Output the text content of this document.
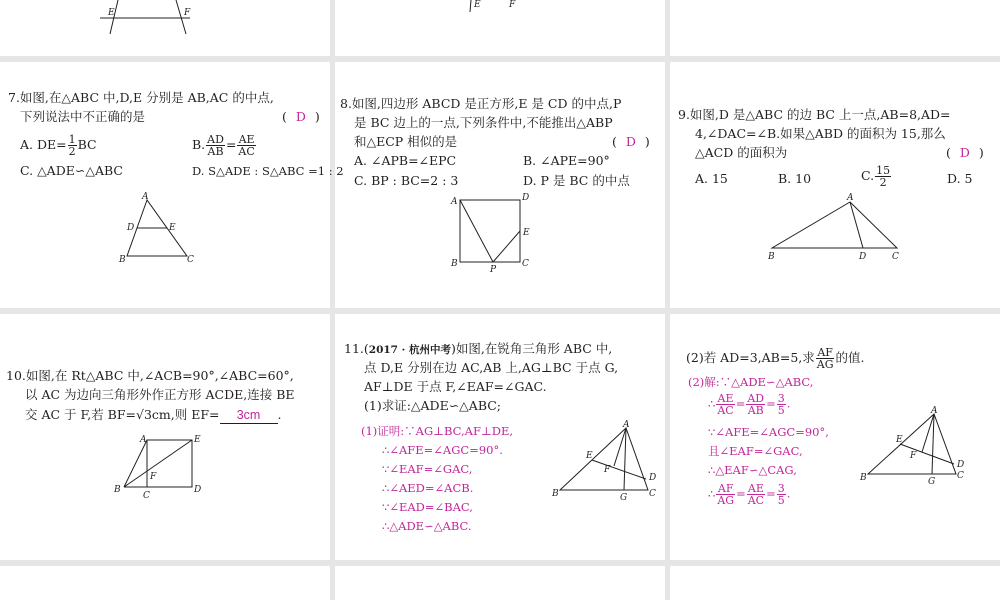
E	F
E	F
7.如图,在△ABC 中,D,E 分别是 AB,AC 的中点,
下列说法中不正确的是	( D )
A. $DE= \frac{1}{2}$ BC	B. $\frac{AD}{AB} = \frac{AE}{AC}$
C. △ADE∽△ABC	D. S△ADE : S△ABC =1 : 2
A
D	E
B	C
8.如图,四边形 ABCD 是正方形,E 是 CD 的中点,P
是 BC 边上的一点,下列条件中,不能推出△ABP
和△ECP 相似的是	( D )
A. ∠APB=∠EPC	B. ∠APE=90°
C. BP : BC=2 : 3	D. P 是 BC 的中点
A	D
E
B
P
C
9.如图,D 是△ABC 的边 BC 上一点,AB=8,AD=
4,∠DAC=∠B.如果△ABD 的面积为 15,那么
△ACD 的面积为	( D )
A. 15	B. 10	C. $\frac{15}{2}$	D. 5
A
B	D	C
10.如图,在 Rt△ABC 中,∠ACB=90°,∠ABC=60°,
以 AC 为边向三角形外作正方形 ACDE,连接 BE
交 AC 于 F,若 BF=√3cm,则 EF= 3cm .
A	E
F
B
C
D
11.(2017 · 杭州中考)如图,在锐角三角形 ABC 中,
点 D,E 分别在边 AC,AB 上,AG⊥BC 于点 G,
AF⊥DE 于点 F,∠EAF=∠GAC.
(1)求证:△ADE∽△ABC;
(1)证明:∵AG⊥BC,AF⊥DE,
∴∠AFE=∠AGC=90°.
∵∠EAF=∠GAC,
∴∠AED=∠ACB.
∵∠EAD=∠BAC,
∴△ADE∽△ABC.
A
E
F
D
B	G C
(2)若 AD=3,AB=5,求 $\frac{AF}{AG}$ 的值.
(2)解:∵△ADE∽△ABC,
∴ $\frac{AE}{AC} = \frac{AD}{AB} = \frac{3}{5}$ .
∵∠AFE=∠AGC=90°,
且∠EAF=∠GAC,
∴△EAF∽△CAG,
∴ $\frac{AF}{AG} = \frac{AE}{AC} = \frac{3}{5}$ .
A
E
F
D
B	G
C
